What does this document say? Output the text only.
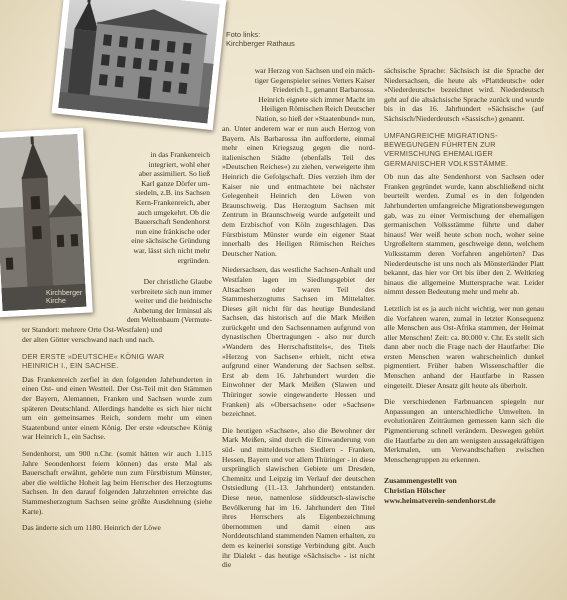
Foto links:
Kirchberger Rathaus
Kirchberger
Kirche
in das Frankenreich
integriert, wohl eher
aber assimiliert. So ließ
Karl ganze Dörfer um-
siedeln, z.B. ins Sachsen
Kern-Frankenreich, aber
auch umgekehrt. Ob die
Bauerschaft Sendenhorst
nun eine fränkische oder
eine sächsische Gründung
war, lässt sich nicht mehr
ergründen.
Der christliche Glaube
verbreitete sich nun immer
weiter und die heidnische
Anbetung der Irminsul als
dem Weltenbaum (Vermute-
ter Standort: mehrere Orte Ost-Westfalen) und
der alten Götter verschwand nach und nach.
DER ERSTE »DEUTSCHE« KÖNIG WAR
HEINRICH I., EIN SACHSE.

Das Frankenreich zerfiel in den folgenden Jahrhunderten in einen Ost- und einen Westteil. Der Ost-Teil mit den Stämmen der Bayern, Alemannen, Franken und Sachsen wurde zum späteren Deutschland. Allerdings handelte es sich hier nicht um ein gemeinsames Reich, sondern mehr um einen Staatenbund unter einem König. Der erste »deutsche« König war Heinrich I., ein Sachse.

Sendenhorst, um 900 n.Chr. (somit hätten wir auch 1.115 Jahre Seondenhorst feiern können) das erste Mal als Bauerschaft erwähnt, gehörte nun zum Fürstbistum Münster, aber die weltliche Hoheit lag beim Herrscher des Herzogtums Sachsen. In den darauf folgenden Jahrzehnten erreichte das Stammesherzogtum Sachsen seine größte Ausdehnung (siehe Karte).

Das änderte sich um 1180. Heinrich der Löwe

war Herzog von Sachsen und ein mäch-
tiger Gegenspieler seines Vetters Kaiser
Friederich I., genannt Barbarossa.
Heinrich eignete sich immer Macht im
Heiligen Römischen Reich Deutscher
Nation, so hieß der »Staatenbund« nun,

an. Unter anderem war er nun auch Herzog von Bayern. Als Barbarossa ihn aufforderte, einmal mehr einen Kriegszug gegen die nord-italienischen Städte (ebenfalls Teil des »Deutschen Reiches«) zu ziehen, verweigerte ihm Heinrich die Gefolgschaft. Dies verzieh ihm der Kaiser nie und entmachtete bei nächster Gelegenheit Heinrich den Löwen von Braunschweig. Das Herzogtum Sachsen mit Zentrum in Braunschweig wurde aufgeteilt und dem Erzbischof von Köln zugeschlagen. Das Fürstbistum Münster wurde ein eigener Staat innerhalb des Heiligen Römischen Reiches Deutscher Nation.

Niedersachsen, das westliche Sachsen-Anhalt und Westfalen lagen im Siedlungsgebiet der Altsachsen oder waren Teil des Stammesherzogtums Sachsen im Mittelalter. Dieses gilt nicht für das heutige Bundesland Sachsen, das historisch auf die Mark Meißen zurückgeht und den Sachsennamen aufgrund von dynastischen Übertragungen - also nur durch »Wandern des Herrschaftstitels«, des Titels »Herzog von Sachsen« erhielt, nicht etwa aufgrund einer Wanderung der Sachsen selbst. Erst ab dem 16. Jahrhundert wurden die Einwohner der Mark Meißen (Slawen und Thüringer sowie eingewanderte Hessen und Franken) als »Obersachsen« oder »Sachsen« bezeichnet.

Die heutigen »Sachsen«, also die Bewohner der Mark Meißen, sind durch die Einwanderung von süd- und mitteldeutschen Siedlern - Franken, Hessen, Bayern und vor allem Thüringer - in diese ursprünglich slawischen Gebiete um Dresden, Chemnitz und Leipzig im Verlauf der deutschen Ostsiedlung (11.-13. Jahrhundert) entstanden. Diese neue, namenlose süddeutsch-slawische Bevölkerung hat im 16. Jahrhundert den Titel ihres Herrschers als Eigenbezeichnung übernommen und damit einen aus Norddeutschland stammenden Namen erhalten, zu dem es keinerlei sonstige Verbindung gibt. Auch ihr Dialekt - das heutige »Sächsisch« - ist nicht die

sächsische Sprache: Sächsisch ist die Sprache der Niedersachsen, die heute als »Plattdeutsch« oder »Niederdeutsch« bezeichnet wird. Niederdeutsch geht auf die altsächsische Sprache zurück und wurde bis in das 16. Jahrhundert »Sächsisch« (auf Sächsisch/Niederdeutsch »Sassisch«) genannt.

UMFANGREICHE MIGRATIONS-
BEWEGUNGEN FÜHRTEN ZUR
VERMISCHUNG EHEMALIGER
GERMANISCHER VOLKSSTÄMME.

Ob nun das alte Sendenhorst von Sachsen oder Franken gegründet wurde, kann abschließend nicht beurteilt werden. Zumal es in den folgenden Jahrhunderten umfangreiche Migrationsbewegungen gab, was zu einer Vermischung der ehemaligen germanischen Volksstämme führte und daher hinaus! Wer weiß heute schon noch, woher seine Urgroßeltern stammen, geschweige denn, welchem Volksstamm deren Vorfahren angehörten? Das Niederdeutsche ist uns noch als Mönsterländer Platt bekannt, das hier vor Ort bis über den 2. Weltkrieg hinaus die allgemeine Muttersprache war. Leider nimmt dessen Bedeutung mehr und mehr ab.

Letztlich ist es ja auch nicht wichtig, wer nun genau die Vorfahren waren, zumal in letzter Konsequenz alle Menschen aus Ost-Afrika stammen, der Heimat aller Menschen! Zeit: ca. 80.000 v. Chr. Es stellt sich dann aber noch die Frage nach der Hautfarbe: Die ersten Menschen waren wahrscheinlich dunkel pigmentiert. Früher haben Wissenschaftler die Menschen anhand der Hautfarbe in Rassen eingeteilt. Dieser Ansatz gilt heute als überholt.

Die verschiedenen Farbnuancen spiegeln nur Anpassungen an unterschiedliche Umwelten. In evolutionären Zeiträumen gemessen kann sich die Pigmentierung schnell verändern. Deswegen gehört die Hautfarbe zu den am wenigsten aussagekräftigen Merkmalen, um Verwandtschaften zwischen Menschengruppen zu erkennen.

Zusammengestellt von
Christian Hölscher
www.heimatverein-sendenhorst.de
